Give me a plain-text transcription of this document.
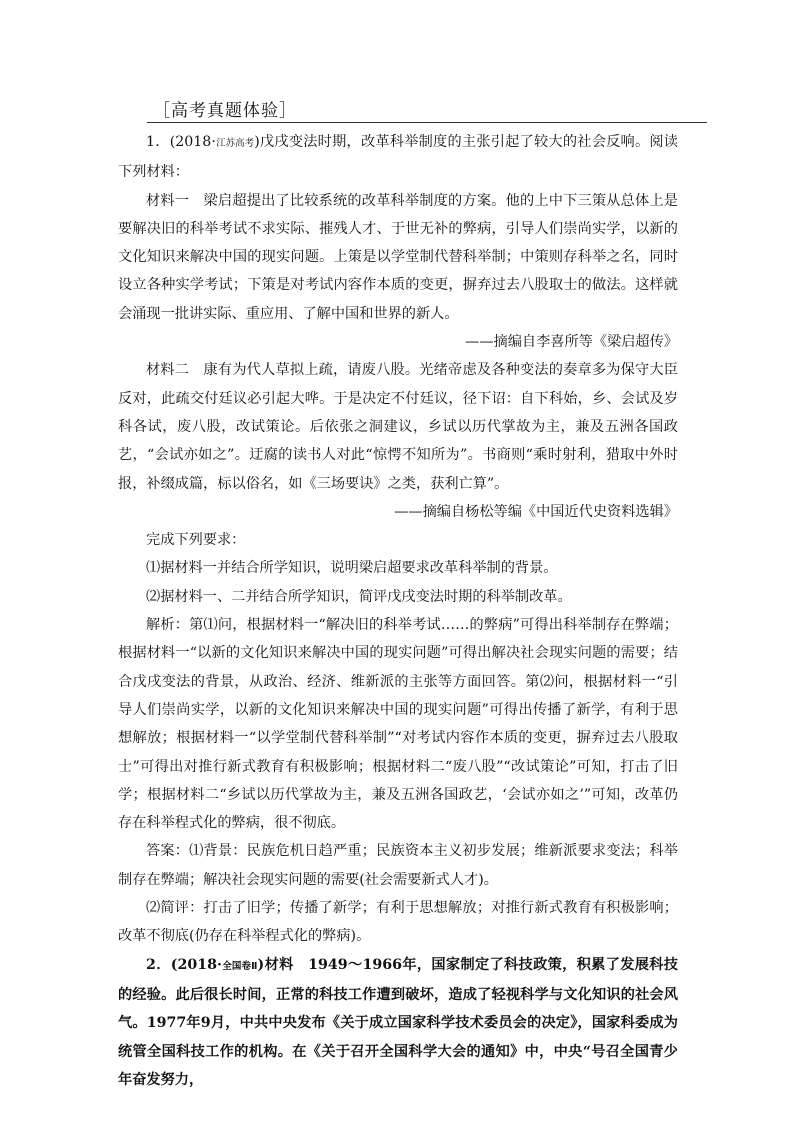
［高考真题体验］

1．(2018·江苏高考)戊戌变法时期，改革科举制度的主张引起了较大的社会反响。阅读下列材料：

材料一　梁启超提出了比较系统的改革科举制度的方案。他的上中下三策从总体上是要解决旧的科举考试不求实际、摧残人才、于世无补的弊病，引导人们崇尚实学，以新的文化知识来解决中国的现实问题。上策是以学堂制代替科举制；中策则存科举之名，同时设立各种实学考试；下策是对考试内容作本质的变更，摒弃过去八股取士的做法。这样就会涌现一批讲实际、重应用、了解中国和世界的新人。

——摘编自李喜所等《梁启超传》

材料二　康有为代人草拟上疏，请废八股。光绪帝虑及各种变法的奏章多为保守大臣反对，此疏交付廷议必引起大哗。于是决定不付廷议，径下诏：自下科始，乡、会试及岁科各试，废八股，改试策论。后依张之洞建议，乡试以历代掌故为主，兼及五洲各国政艺，“会试亦如之”。迂腐的读书人对此“惊愕不知所为”。书商则“乘时射利，猎取中外时报，补缀成篇，标以俗名，如《三场要诀》之类，获利亡算”。

——摘编自杨松等编《中国近代史资料选辑》

完成下列要求：

⑴据材料一并结合所学知识，说明梁启超要求改革科举制的背景。

⑵据材料一、二并结合所学知识，简评戊戌变法时期的科举制改革。

解析：第⑴问，根据材料一“解决旧的科举考试……的弊病”可得出科举制存在弊端；根据材料一“以新的文化知识来解决中国的现实问题”可得出解决社会现实问题的需要；结合戊戌变法的背景，从政治、经济、维新派的主张等方面回答。第⑵问，根据材料一“引导人们崇尚实学，以新的文化知识来解决中国的现实问题”可得出传播了新学，有利于思想解放；根据材料一“以学堂制代替科举制”“对考试内容作本质的变更，摒弃过去八股取士”可得出对推行新式教育有积极影响；根据材料二“废八股”“改试策论”可知，打击了旧学；根据材料二“乡试以历代掌故为主，兼及五洲各国政艺，‘会试亦如之’”可知，改革仍存在科举程式化的弊病，很不彻底。

答案：⑴背景：民族危机日趋严重；民族资本主义初步发展；维新派要求变法；科举制存在弊端；解决社会现实问题的需要(社会需要新式人才)。

⑵简评：打击了旧学；传播了新学；有利于思想解放；对推行新式教育有积极影响；改革不彻底(仍存在科举程式化的弊病)。

2．(2018·全国卷Ⅱ)材料　1949～1966年，国家制定了科技政策，积累了发展科技的经验。此后很长时间，正常的科技工作遭到破坏，造成了轻视科学与文化知识的社会风气。1977年9月，中共中央发布《关于成立国家科学技术委员会的决定》，国家科委成为统管全国科技工作的机构。在《关于召开全国科学大会的通知》中，中央“号召全国青少年奋发努力，
